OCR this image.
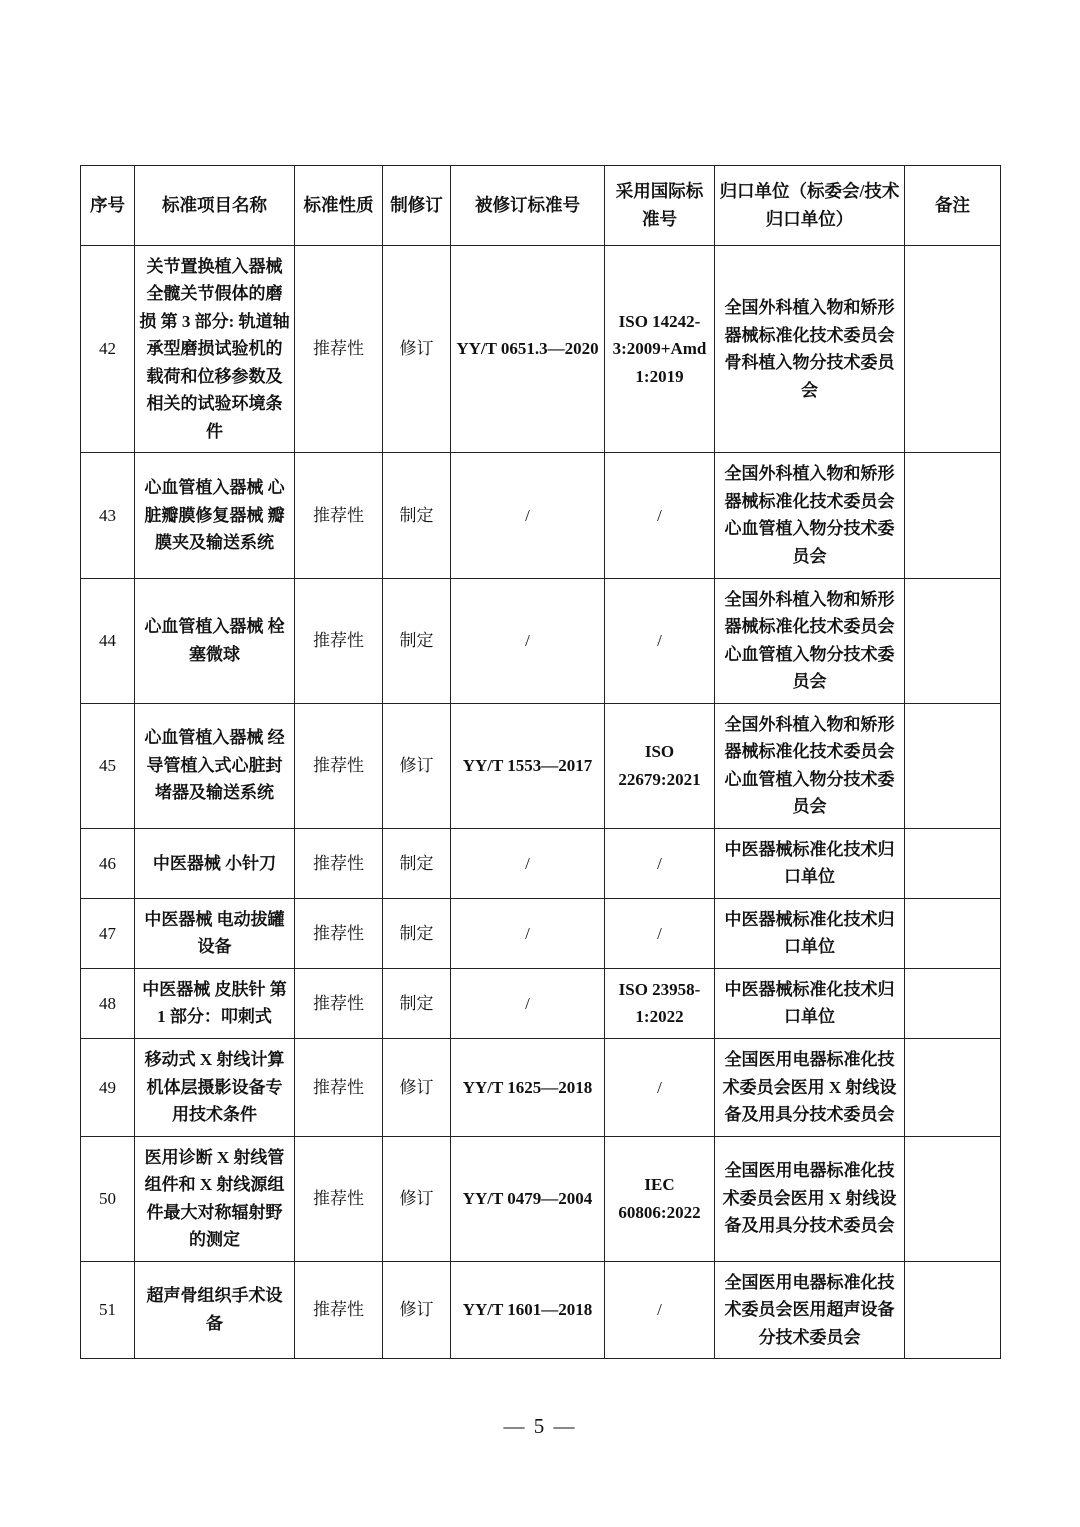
序号	标准项目名称	标准性质	制修订	被修订标准号	采用国际标准号	归口单位（标委会/技术归口单位）	备注
42	关节置换植入器械 全髋关节假体的磨损 第 3 部分: 轨道轴承型磨损试验机的载荷和位移参数及相关的试验环境条件	推荐性	修订	YY/T 0651.3—2020	ISO 14242-3:2009+Amd 1:2019	全国外科植入物和矫形器械标准化技术委员会骨科植入物分技术委员会	
43	心血管植入器械 心脏瓣膜修复器械 瓣膜夹及输送系统	推荐性	制定	/	/	全国外科植入物和矫形器械标准化技术委员会心血管植入物分技术委员会	
44	心血管植入器械 栓塞微球	推荐性	制定	/	/	全国外科植入物和矫形器械标准化技术委员会心血管植入物分技术委员会	
45	心血管植入器械 经导管植入式心脏封堵器及输送系统	推荐性	修订	YY/T 1553—2017	ISO 22679:2021	全国外科植入物和矫形器械标准化技术委员会心血管植入物分技术委员会	
46	中医器械 小针刀	推荐性	制定	/	/	中医器械标准化技术归口单位	
47	中医器械 电动拔罐设备	推荐性	制定	/	/	中医器械标准化技术归口单位	
48	中医器械 皮肤针 第 1 部分：叩刺式	推荐性	制定	/	ISO 23958-1:2022	中医器械标准化技术归口单位	
49	移动式 X 射线计算机体层摄影设备专用技术条件	推荐性	修订	YY/T 1625—2018	/	全国医用电器标准化技术委员会医用 X 射线设备及用具分技术委员会	
50	医用诊断 X 射线管组件和 X 射线源组件最大对称辐射野的测定	推荐性	修订	YY/T 0479—2004	IEC 60806:2022	全国医用电器标准化技术委员会医用 X 射线设备及用具分技术委员会	
51	超声骨组织手术设备	推荐性	修订	YY/T 1601—2018	/	全国医用电器标准化技术委员会医用超声设备分技术委员会	
— 5 —
